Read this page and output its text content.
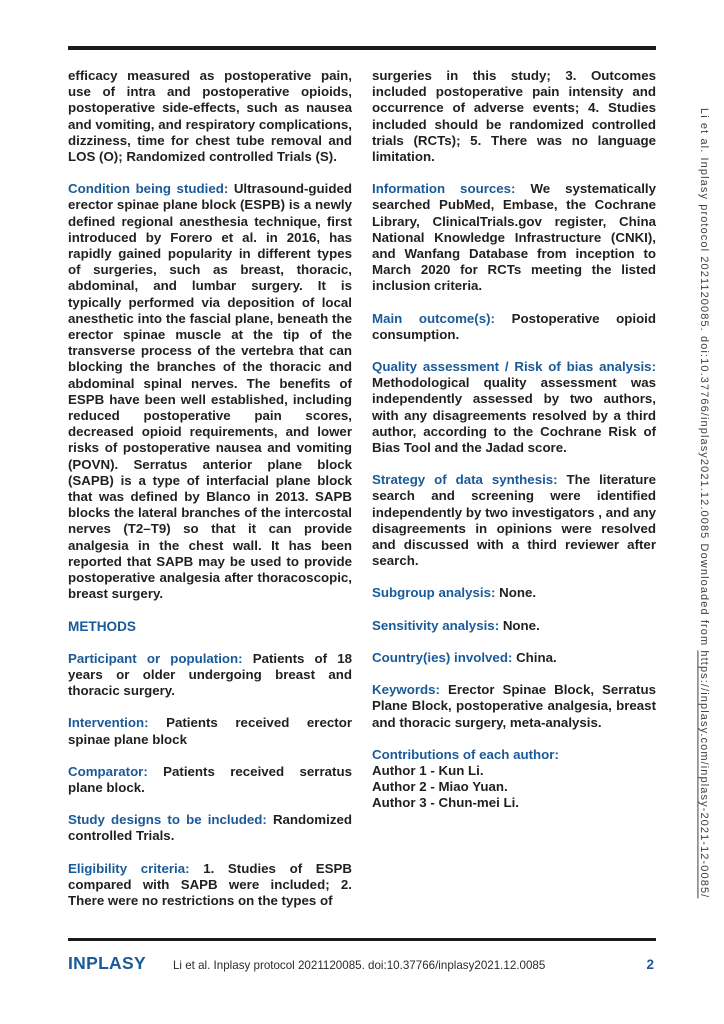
efficacy measured as postoperative pain, use of intra and postoperative opioids, postoperative side-effects, such as nausea and vomiting, and respiratory complications, dizziness, time for chest tube removal and LOS (O); Randomized controlled Trials (S).

Condition being studied: Ultrasound-guided erector spinae plane block (ESPB) is a newly defined regional anesthesia technique, first introduced by Forero et al. in 2016, has rapidly gained popularity in different types of surgeries, such as breast, thoracic, abdominal, and lumbar surgery. It is typically performed via deposition of local anesthetic into the fascial plane, beneath the erector spinae muscle at the tip of the transverse process of the vertebra that can blocking the branches of the thoracic and abdominal spinal nerves. The benefits of ESPB have been well established, including reduced postoperative pain scores, decreased opioid requirements, and lower risks of postoperative nausea and vomiting (POVN). Serratus anterior plane block (SAPB) is a type of interfacial plane block that was defined by Blanco in 2013. SAPB blocks the lateral branches of the intercostal nerves (T2–T9) so that it can provide analgesia in the chest wall. It has been reported that SAPB may be used to provide postoperative analgesia after thoracoscopic, breast surgery.

METHODS

Participant or population: Patients of 18 years or older undergoing breast and thoracic surgery.

Intervention: Patients received erector spinae plane block

Comparator: Patients received serratus plane block.

Study designs to be included: Randomized controlled Trials.

Eligibility criteria: 1. Studies of ESPB compared with SAPB were included; 2. There were no restrictions on the types of

surgeries in this study; 3. Outcomes included postoperative pain intensity and occurrence of adverse events; 4. Studies included should be randomized controlled trials (RCTs); 5. There was no language limitation.

Information sources: We systematically searched PubMed, Embase, the Cochrane Library, ClinicalTrials.gov register, China National Knowledge Infrastructure (CNKI), and Wanfang Database from inception to March 2020 for RCTs meeting the listed inclusion criteria.

Main outcome(s): Postoperative opioid consumption.

Quality assessment / Risk of bias analysis: Methodological quality assessment was independently assessed by two authors, with any disagreements resolved by a third author, according to the Cochrane Risk of Bias Tool and the Jadad score.

Strategy of data synthesis: The literature search and screening were identified independently by two investigators , and any disagreements in opinions were resolved and discussed with a third reviewer after search.

Subgroup analysis: None.

Sensitivity analysis: None.

Country(ies) involved: China.

Keywords: Erector Spinae Block, Serratus Plane Block, postoperative analgesia, breast and thoracic surgery, meta-analysis.

Contributions of each author:
Author 1 - Kun Li.
Author 2 - Miao Yuan.
Author 3 - Chun-mei Li.

INPLASY Li et al. Inplasy protocol 2021120085. doi:10.37766/inplasy2021.12.0085	2
Li et al. Inplasy protocol 2021120085. doi:10.37766/inplasy2021.12.0085 Downloaded from https://inplasy.com/inplasy-2021-12-0085/
